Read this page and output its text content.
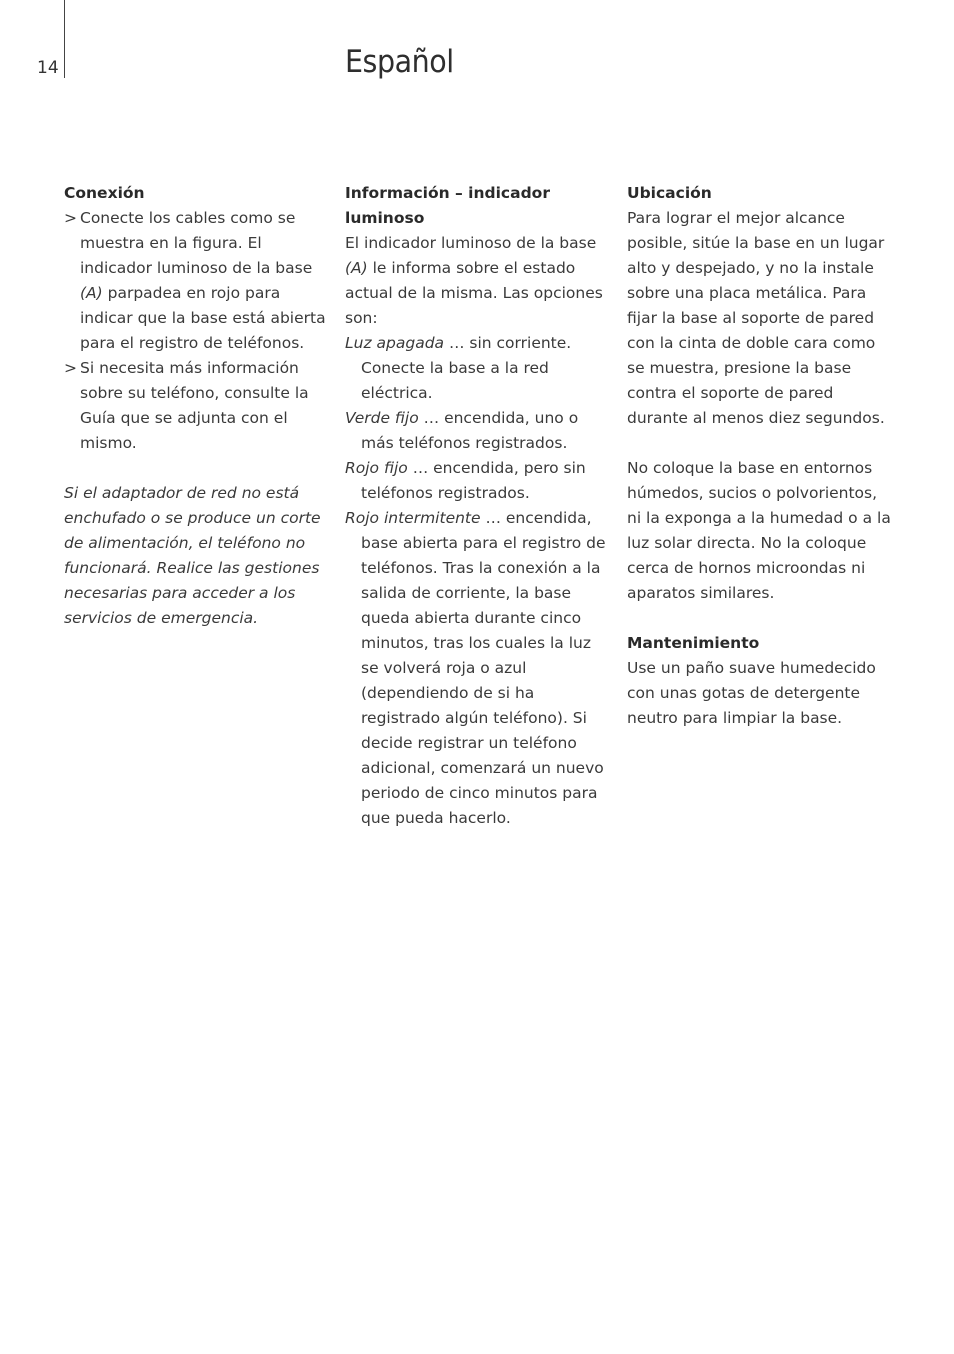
14	Español

Conexión

> Conecte los cables como se muestra en la figura. El indicador luminoso de la base (A) parpadea en rojo para indicar que la base está abierta para el registro de teléfonos.
> Si necesita más información sobre su teléfono, consulte la Guía que se adjunta con el mismo.

Si el adaptador de red no está enchufado o se produce un corte de alimentación, el teléfono no funcionará. Realice las gestiones necesarias para acceder a los servicios de emergencia.

Información – indicador luminoso

El indicador luminoso de la base (A) le informa sobre el estado actual de la misma. Las opciones son:

Luz apagada … sin corriente. Conecte la base a la red eléctrica.

Verde fijo … encendida, uno o más teléfonos registrados.

Rojo fijo … encendida, pero sin teléfonos registrados.

Rojo intermitente … encendida, base abierta para el registro de teléfonos. Tras la conexión a la salida de corriente, la base queda abierta durante cinco minutos, tras los cuales la luz se volverá roja o azul (dependiendo de si ha registrado algún teléfono). Si decide registrar un teléfono adicional, comenzará un nuevo periodo de cinco minutos para que pueda hacerlo.

Ubicación

Para lograr el mejor alcance posible, sitúe la base en un lugar alto y despejado, y no la instale sobre una placa metálica. Para fijar la base al soporte de pared con la cinta de doble cara como se muestra, presione la base contra el soporte de pared durante al menos diez segundos.

No coloque la base en entornos húmedos, sucios o polvorientos, ni la exponga a la humedad o a la luz solar directa. No la coloque cerca de hornos microondas ni aparatos similares.

Mantenimiento

Use un paño suave humedecido con unas gotas de detergente neutro para limpiar la base.
